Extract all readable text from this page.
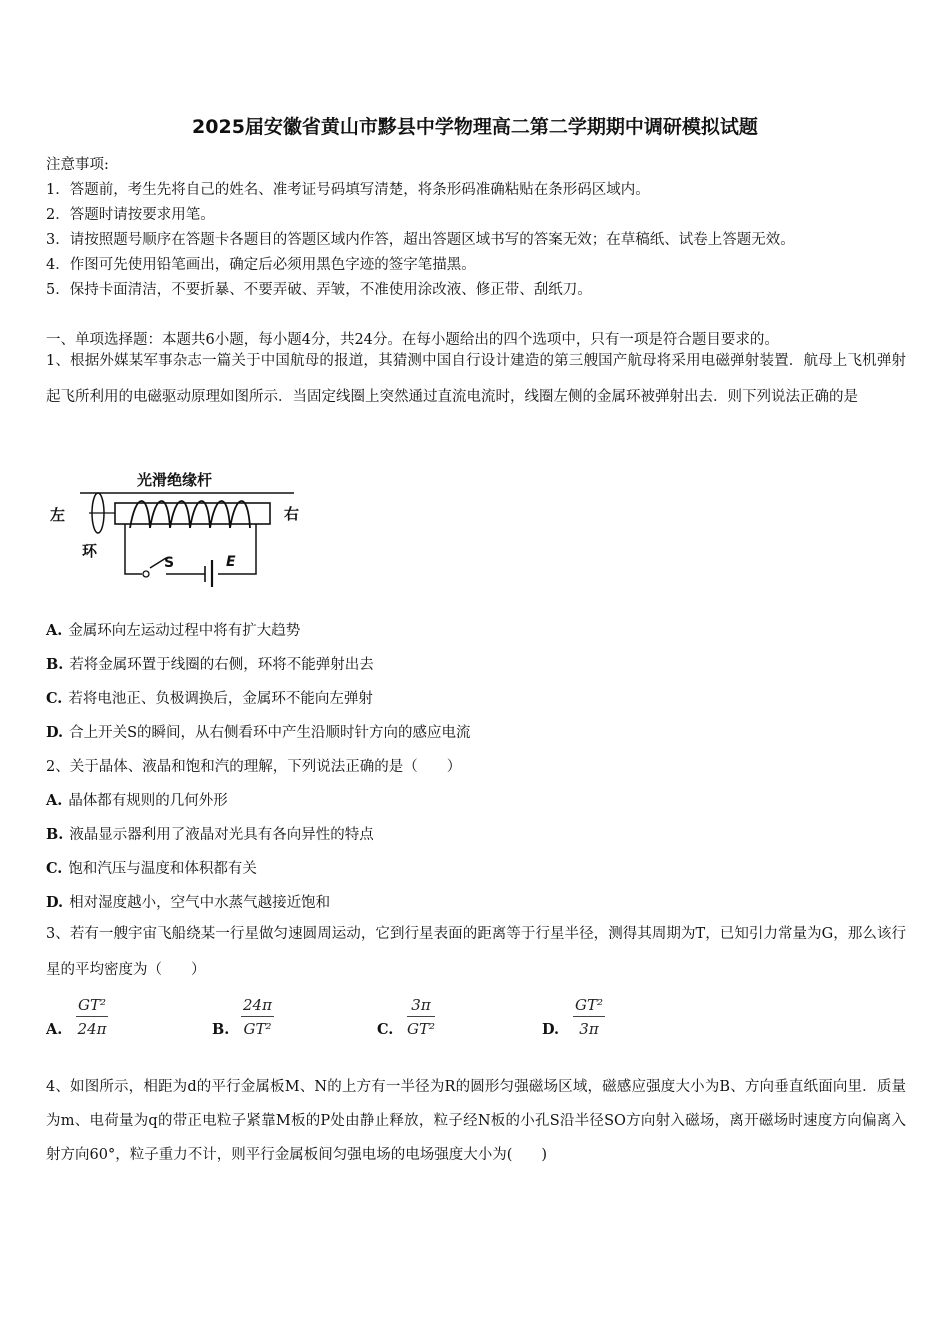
2025届安徽省黄山市黟县中学物理高二第二学期期中调研模拟试题
注意事项:
1．答题前，考生先将自己的姓名、准考证号码填写清楚，将条形码准确粘贴在条形码区域内。
2．答题时请按要求用笔。
3．请按照题号顺序在答题卡各题目的答题区域内作答，超出答题区域书写的答案无效；在草稿纸、试卷上答题无效。
4．作图可先使用铅笔画出，确定后必须用黑色字迹的签字笔描黑。
5．保持卡面清洁，不要折暴、不要弄破、弄皱，不准使用涂改液、修正带、刮纸刀。
一、单项选择题：本题共6小题，每小题4分，共24分。在每小题给出的四个选项中，只有一项是符合题目要求的。
1、根据外媒某军事杂志一篇关于中国航母的报道，其猜测中国自行设计建造的第三艘国产航母将采用电磁弹射装置．航母上飞机弹射起飞所利用的电磁驱动原理如图所示．当固定线圈上突然通过直流电流时，线圈左侧的金属环被弹射出去．则下列说法正确的是
光滑绝缘杆
左	右
环
S	E
A. 金属环向左运动过程中将有扩大趋势
B. 若将金属环置于线圈的右侧，环将不能弹射出去
C. 若将电池正、负极调换后，金属环不能向左弹射
D. 合上开关S的瞬间，从右侧看环中产生沿顺时针方向的感应电流
2、关于晶体、液晶和饱和汽的理解，下列说法正确的是（　　）
A. 晶体都有规则的几何外形
B. 液晶显示器利用了液晶对光具有各向异性的特点
C. 饱和汽压与温度和体积都有关
D. 相对湿度越小，空气中水蒸气越接近饱和
3、若有一艘宇宙飞船绕某一行星做匀速圆周运动，它到行星表面的距离等于行星半径，测得其周期为T，已知引力常量为G，那么该行星的平均密度为（　　）
A. $\frac{\text{GT²}}{24\pi}$	B. $\frac{24\pi}{\text{GT²}}$	C. $\frac{3\pi}{\text{GT²}}$	D. $\frac{\text{GT²}}{3\pi}$
4、如图所示，相距为d的平行金属板M、N的上方有一半径为R的圆形匀强磁场区域，磁感应强度大小为B、方向垂直纸面向里．质量为m、电荷量为q的带正电粒子紧靠M板的P处由静止释放，粒子经N板的小孔S沿半径SO方向射入磁场，离开磁场时速度方向偏离入射方向60°，粒子重力不计，则平行金属板间匀强电场的电场强度大小为(　　)
